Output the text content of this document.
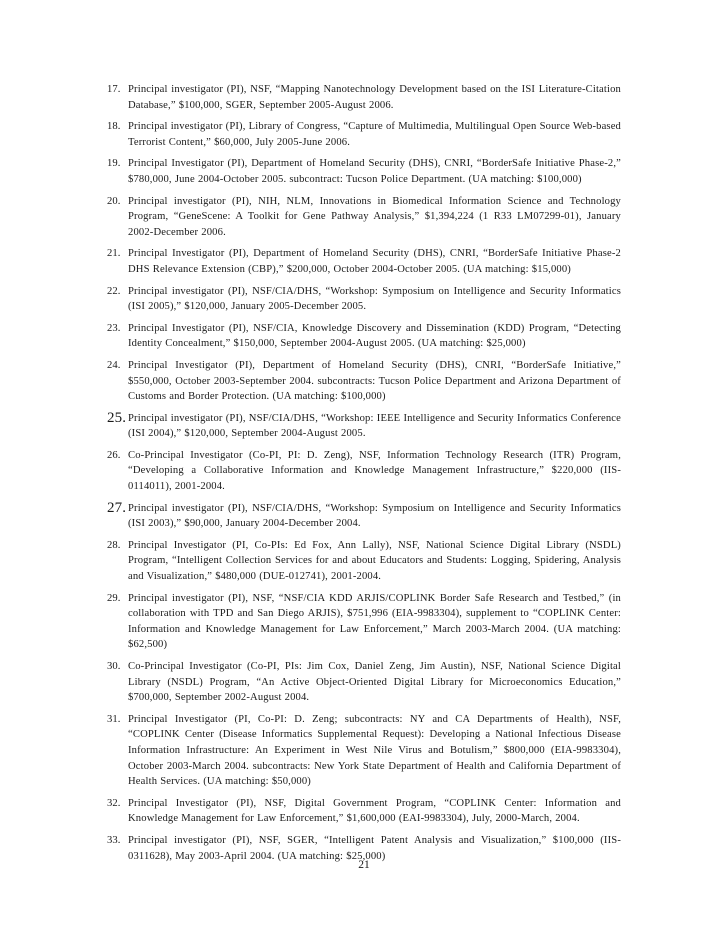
17. Principal investigator (PI), NSF, “Mapping Nanotechnology Development based on the ISI Literature-Citation Database,” $100,000, SGER, September 2005-August 2006.
18. Principal investigator (PI), Library of Congress, “Capture of Multimedia, Multilingual Open Source Web-based Terrorist Content,” $60,000, July 2005-June 2006.
19. Principal Investigator (PI), Department of Homeland Security (DHS), CNRI, “BorderSafe Initiative Phase-2,” $780,000, June 2004-October 2005. subcontract: Tucson Police Department. (UA matching: $100,000)
20. Principal investigator (PI), NIH, NLM, Innovations in Biomedical Information Science and Technology Program, “GeneScene: A Toolkit for Gene Pathway Analysis,” $1,394,224 (1 R33 LM07299-01), January 2002-December 2006.
21. Principal Investigator (PI), Department of Homeland Security (DHS), CNRI, “BorderSafe Initiative Phase-2 DHS Relevance Extension (CBP),” $200,000, October 2004-October 2005. (UA matching: $15,000)
22. Principal investigator (PI), NSF/CIA/DHS, “Workshop: Symposium on Intelligence and Security Informatics (ISI 2005),” $120,000, January 2005-December 2005.
23. Principal Investigator (PI), NSF/CIA, Knowledge Discovery and Dissemination (KDD) Program, “Detecting Identity Concealment,” $150,000, September 2004-August 2005. (UA matching: $25,000)
24. Principal Investigator (PI), Department of Homeland Security (DHS), CNRI, “BorderSafe Initiative,” $550,000, October 2003-September 2004. subcontracts: Tucson Police Department and Arizona Department of Customs and Border Protection. (UA matching: $100,000)
25. Principal investigator (PI), NSF/CIA/DHS, “Workshop: IEEE Intelligence and Security Informatics Conference (ISI 2004),” $120,000, September 2004-August 2005.
26. Co-Principal Investigator (Co-PI, PI: D. Zeng), NSF, Information Technology Research (ITR) Program, “Developing a Collaborative Information and Knowledge Management Infrastructure,” $220,000 (IIS-0114011), 2001-2004.
27. Principal investigator (PI), NSF/CIA/DHS, “Workshop: Symposium on Intelligence and Security Informatics (ISI 2003),” $90,000, January 2004-December 2004.
28. Principal Investigator (PI, Co-PIs: Ed Fox, Ann Lally), NSF, National Science Digital Library (NSDL) Program, “Intelligent Collection Services for and about Educators and Students: Logging, Spidering, Analysis and Visualization,” $480,000 (DUE-012741), 2001-2004.
29. Principal investigator (PI), NSF, “NSF/CIA KDD ARJIS/COPLINK Border Safe Research and Testbed,” (in collaboration with TPD and San Diego ARJIS), $751,996 (EIA-9983304), supplement to “COPLINK Center: Information and Knowledge Management for Law Enforcement,” March 2003-March 2004. (UA matching: $62,500)
30. Co-Principal Investigator (Co-PI, PIs: Jim Cox, Daniel Zeng, Jim Austin), NSF, National Science Digital Library (NSDL) Program, “An Active Object-Oriented Digital Library for Microeconomics Education,” $700,000, September 2002-August 2004.
31. Principal Investigator (PI, Co-PI: D. Zeng; subcontracts: NY and CA Departments of Health), NSF, “COPLINK Center (Disease Informatics Supplemental Request): Developing a National Infectious Disease Information Infrastructure: An Experiment in West Nile Virus and Botulism,” $800,000 (EIA-9983304), October 2003-March 2004. subcontracts: New York State Department of Health and California Department of Health Services. (UA matching: $50,000)
32. Principal Investigator (PI), NSF, Digital Government Program, “COPLINK Center: Information and Knowledge Management for Law Enforcement,” $1,600,000 (EAI-9983304), July, 2000-March, 2004.
33. Principal investigator (PI), NSF, SGER, “Intelligent Patent Analysis and Visualization,” $100,000 (IIS-0311628), May 2003-April 2004. (UA matching: $25,000)
21
